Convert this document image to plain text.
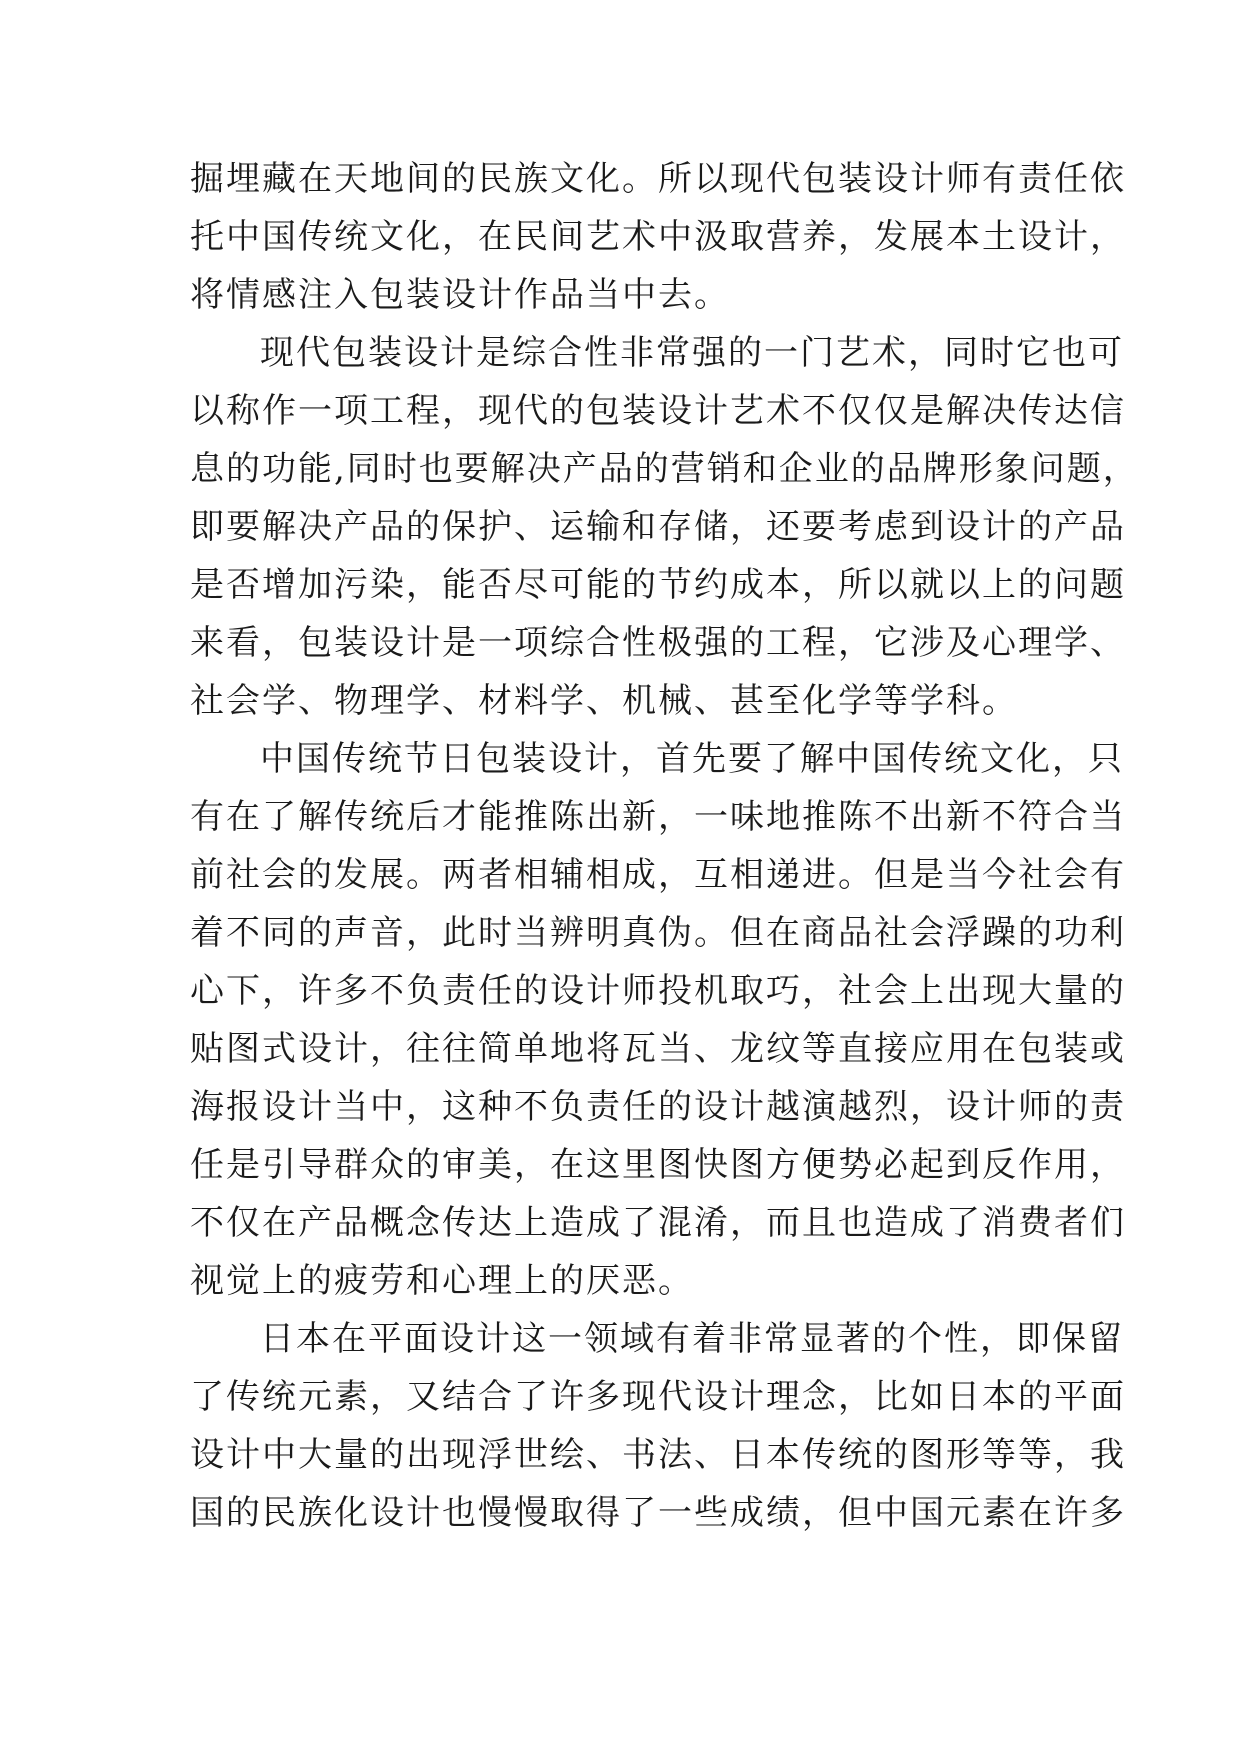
掘埋藏在天地间的民族文化。所以现代包装设计师有责任依
托中国传统文化，在民间艺术中汲取营养，发展本土设计，
将情感注入包装设计作品当中去。
现代包装设计是综合性非常强的一门艺术，同时它也可
以称作一项工程，现代的包装设计艺术不仅仅是解决传达信
息的功能,同时也要解决产品的营销和企业的品牌形象问题，
即要解决产品的保护、运输和存储，还要考虑到设计的产品
是否增加污染，能否尽可能的节约成本，所以就以上的问题
来看，包装设计是一项综合性极强的工程，它涉及心理学、
社会学、物理学、材料学、机械、甚至化学等学科。
中国传统节日包装设计，首先要了解中国传统文化，只
有在了解传统后才能推陈出新，一味地推陈不出新不符合当
前社会的发展。两者相辅相成，互相递进。但是当今社会有
着不同的声音，此时当辨明真伪。但在商品社会浮躁的功利
心下，许多不负责任的设计师投机取巧，社会上出现大量的
贴图式设计，往往简单地将瓦当、龙纹等直接应用在包装或
海报设计当中，这种不负责任的设计越演越烈，设计师的责
任是引导群众的审美，在这里图快图方便势必起到反作用，
不仅在产品概念传达上造成了混淆，而且也造成了消费者们
视觉上的疲劳和心理上的厌恶。
日本在平面设计这一领域有着非常显著的个性，即保留
了传统元素，又结合了许多现代设计理念，比如日本的平面
设计中大量的出现浮世绘、书法、日本传统的图形等等，我
国的民族化设计也慢慢取得了一些成绩，但中国元素在许多
